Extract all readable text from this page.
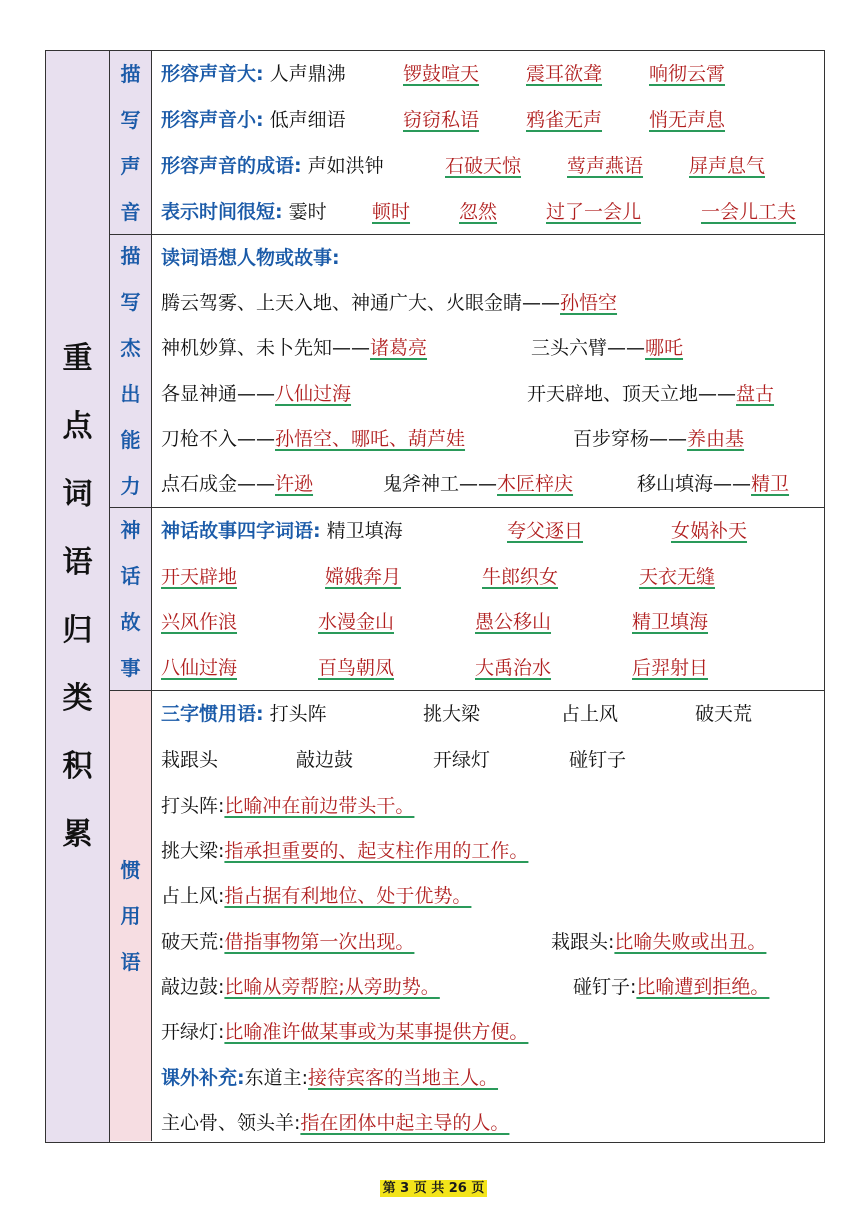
重
点
词
语
归
类
积
累
描
写
声
音
形容声音大: 人声鼎沸	锣鼓喧天 震耳欲聋 响彻云霄
形容声音小: 低声细语	窃窃私语 鸦雀无声 悄无声息
形容声音的成语: 声如洪钟	石破天惊 莺声燕语 屏声息气
表示时间很短: 霎时 顿时	忽然	过了一会儿	一会儿工夫
描
写
杰
出
能
力
读词语想人物或故事:
腾云驾雾、上天入地、神通广大、火眼金睛——孙悟空
神机妙算、未卜先知——诸葛亮	三头六臂——哪吒
各显神通——八仙过海	开天辟地、顶天立地——盘古
刀枪不入——孙悟空、哪吒、葫芦娃	百步穿杨——养由基
点石成金——许逊	鬼斧神工——木匠梓庆	移山填海——精卫
神
话
故
事
神话故事四字词语: 精卫填海	夸父逐日	女娲补天
开天辟地	嫦娥奔月	牛郎织女	天衣无缝
兴风作浪	水漫金山	愚公移山	精卫填海
八仙过海	百鸟朝凤	大禹治水	后羿射日
惯
用
语
三字惯用语: 打头阵	挑大梁	占上风	破天荒
栽跟头	敲边鼓	开绿灯	碰钉子
打头阵:比喻冲在前边带头干。
挑大梁:指承担重要的、起支柱作用的工作。
占上风:指占据有利地位、处于优势。
破天荒:借指事物第一次出现。	栽跟头:比喻失败或出丑。
敲边鼓:比喻从旁帮腔;从旁助势。	碰钉子:比喻遭到拒绝。
开绿灯:比喻准许做某事或为某事提供方便。
课外补充:东道主:接待宾客的当地主人。
主心骨、领头羊:指在团体中起主导的人。
第 3 页 共 26 页
